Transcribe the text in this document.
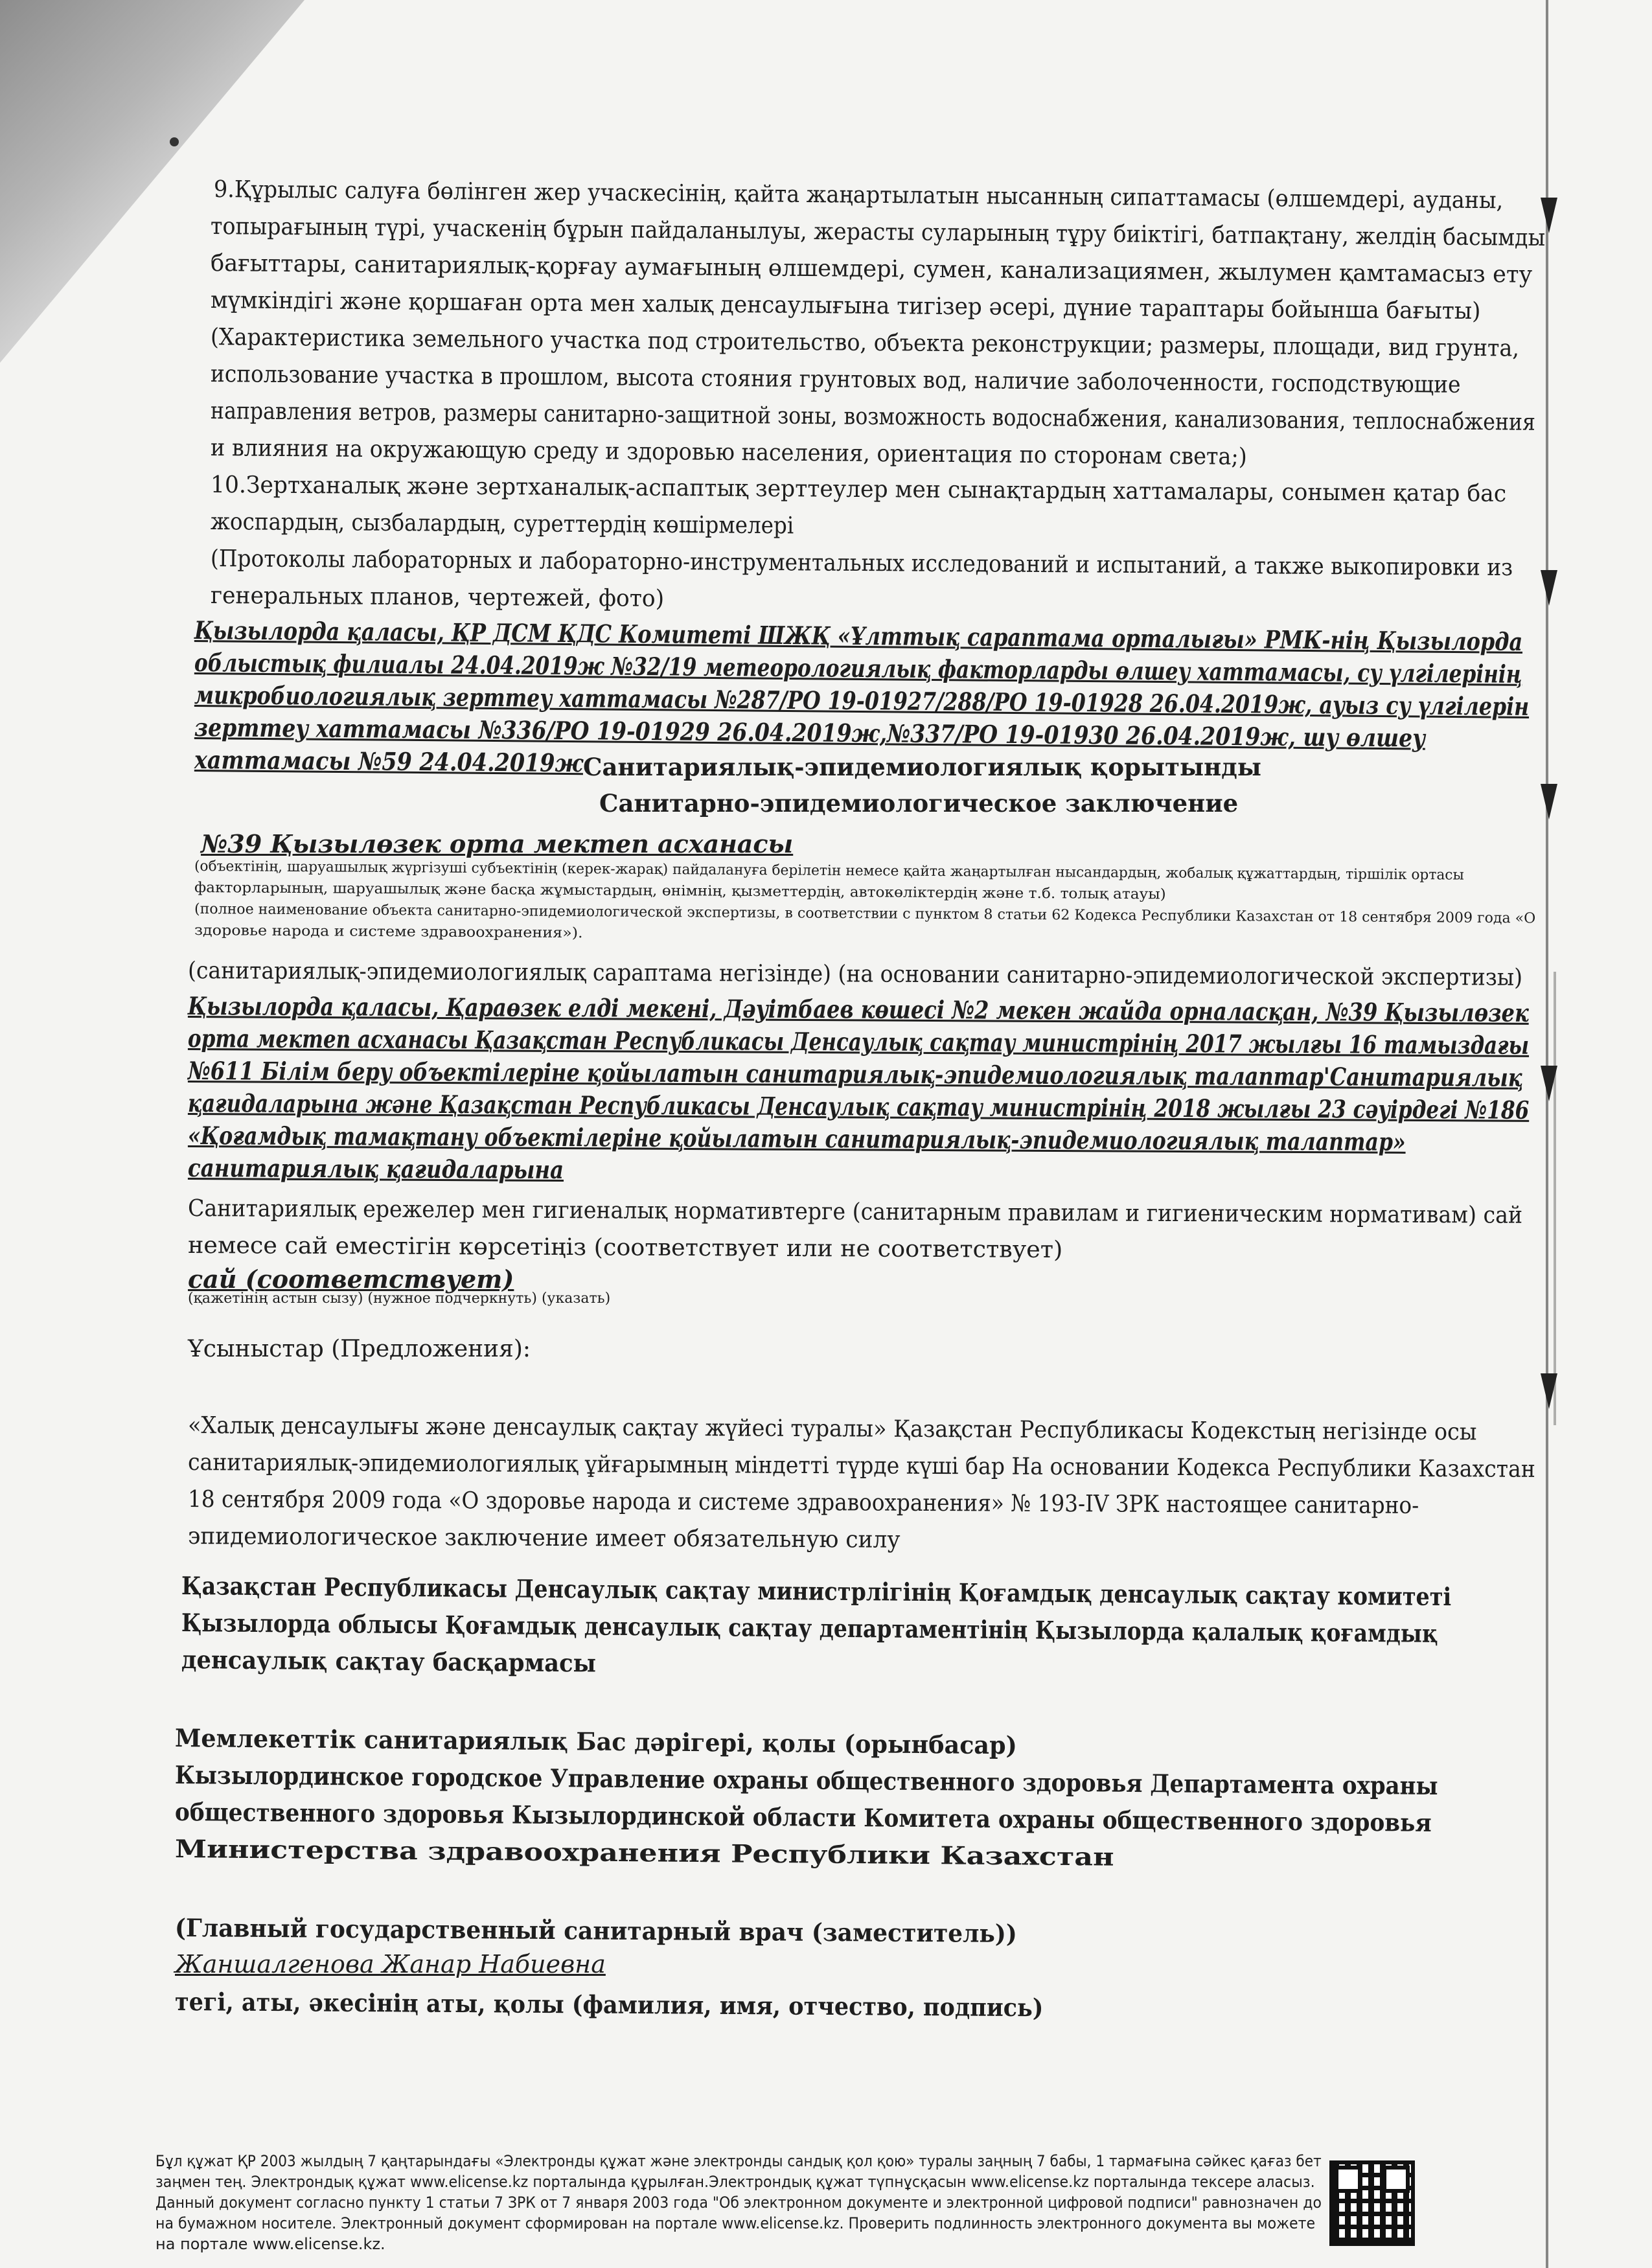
9.Құрылыс салуға бөлінген жер учаскесінің, қайта жаңартылатын нысанның сипаттамасы (өлшемдері, ауданы,
топырағының түрі, учаскенің бұрын пайдаланылуы, жерасты суларының тұру биіктігі, батпақтану, желдің басымды
бағыттары, санитариялық-қорғау аумағының өлшемдері, сумен, канализациямен, жылумен қамтамасыз ету
мүмкіндігі және қоршаған орта мен халық денсаулығына тигізер әсері, дүние тараптары бойынша бағыты)
(Характеристика земельного участка под строительство, объекта реконструкции; размеры, площади, вид грунта,
использование участка в прошлом, высота стояния грунтовых вод, наличие заболоченности, господствующие
направления ветров, размеры санитарно-защитной зоны, возможность водоснабжения, канализования, теплоснабжения
и влияния на окружающую среду и здоровью населения, ориентация по сторонам света;)
10.Зертханалық және зертханалық-аспаптық зерттеулер мен сынақтардың хаттамалары, сонымен қатар бас
жоспардың, сызбалардың, суреттердің көшірмелері
(Протоколы лабораторных и лабораторно-инструментальных исследований и испытаний, а также выкопировки из
генеральных планов, чертежей, фото)
Қызылорда қаласы, ҚР ДСМ ҚДС Комитеті ШЖҚ «Ұлттық сараптама орталығы» РМК-нің Қызылорда
облыстық филиалы 24.04.2019ж №32/19 метеорологиялық факторларды өлшеу хаттамасы, су үлгілерінің
микробиологиялық зерттеу хаттамасы №287/РО 19-01927/288/РО 19-01928 26.04.2019ж, ауыз су үлгілерін
зерттеу хаттамасы №336/РО 19-01929 26.04.2019ж,№337/РО 19-01930 26.04.2019ж, шу өлшеу
хаттамасы №59 24.04.2019ж Санитариялық-эпидемиологиялық қорытынды
Санитарно-эпидемиологическое заключение
№39 Қызылөзек орта мектеп асханасы
(объектінің, шаруашылық жүргізуші субъектінің (керек-жарақ) пайдалануға берілетін немесе қайта жаңартылған нысандардың, жобалық құжаттардың, тіршілік ортасы
факторларының, шаруашылық және басқа жұмыстардың, өнімнің, қызметтердің, автокөліктердің және т.б. толық атауы)
(полное наименование объекта санитарно-эпидемиологической экспертизы, в соответствии с пунктом 8 статьи 62 Кодекса Республики Казахстан от 18 сентября 2009 года «О
здоровье народа и системе здравоохранения»).
(санитариялық-эпидемиологиялық сараптама негізінде) (на основании санитарно-эпидемиологической экспертизы)
Қызылорда қаласы, Қараөзек елді мекені, Дәуітбаев көшесі №2 мекен жайда орналасқан, №39 Қызылөзек
орта мектеп асханасы Қазақстан Республикасы Денсаулық сақтау министрінің 2017 жылғы 16 тамыздағы
№611 Білім беру объектілеріне қойылатын санитариялық-эпидемиологиялық талаптар'Санитариялық
қағидаларына және Қазақстан Республикасы Денсаулық сақтау министрінің 2018 жылғы 23 сәуірдегі №186
«Қоғамдық тамақтану объектілеріне қойылатын санитариялық-эпидемиологиялық талаптар»
санитариялық қағидаларына
Санитариялық ережелер мен гигиеналық нормативтерге (санитарным правилам и гигиеническим нормативам) сай
немесе сай еместігін көрсетіңіз (соответствует или не соответствует)
сай (соответствует)
(қажетінің астын сызу) (нужное подчеркнуть) (указать)
Ұсыныстар (Предложения):
«Халық денсаулығы және денсаулық сақтау жүйесі туралы» Қазақстан Республикасы Кодекстың негізінде осы
санитариялық-эпидемиологиялық ұйғарымның міндетті түрде күші бар На основании Кодекса Республики Казахстан
18 сентября 2009 года «О здоровье народа и системе здравоохранения» № 193-IV ЗРК настоящее санитарно-
эпидемиологическое заключение имеет обязательную силу
Қазақстан Республикасы Денсаулық сақтау министрлігінің Қоғамдық денсаулық сақтау комитеті
Қызылорда облысы Қоғамдық денсаулық сақтау департаментінің Қызылорда қалалық қоғамдық
денсаулық сақтау басқармасы
Мемлекеттік санитариялық Бас дәрігері, қолы (орынбасар)
Кызылординское городское Управление охраны общественного здоровья Департамента охраны
общественного здоровья Кызылординской области Комитета охраны общественного здоровья
Министерства здравоохранения Республики Казахстан
(Главный государственный санитарный врач (заместитель))
Жаншалгенова Жанар Набиевна
тегі, аты, әкесінің аты, қолы (фамилия, имя, отчество, подпись)
Бұл құжат ҚР 2003 жылдың 7 қаңтарындағы «Электронды құжат және электронды сандық қол қою» туралы заңның 7 бабы, 1 тармағына сәйкес қағаз бет
заңмен тең. Электрондық құжат www.elicense.kz порталында құрылған.Электрондық құжат түпнұсқасын www.elicense.kz порталында тексере аласыз.
Данный документ согласно пункту 1 статьи 7 ЗРК от 7 января 2003 года "Об электронном документе и электронной цифровой подписи" равнозначен до
на бумажном носителе. Электронный документ сформирован на портале www.elicense.kz. Проверить подлинность электронного документа вы можете
на портале www.elicense.kz.
